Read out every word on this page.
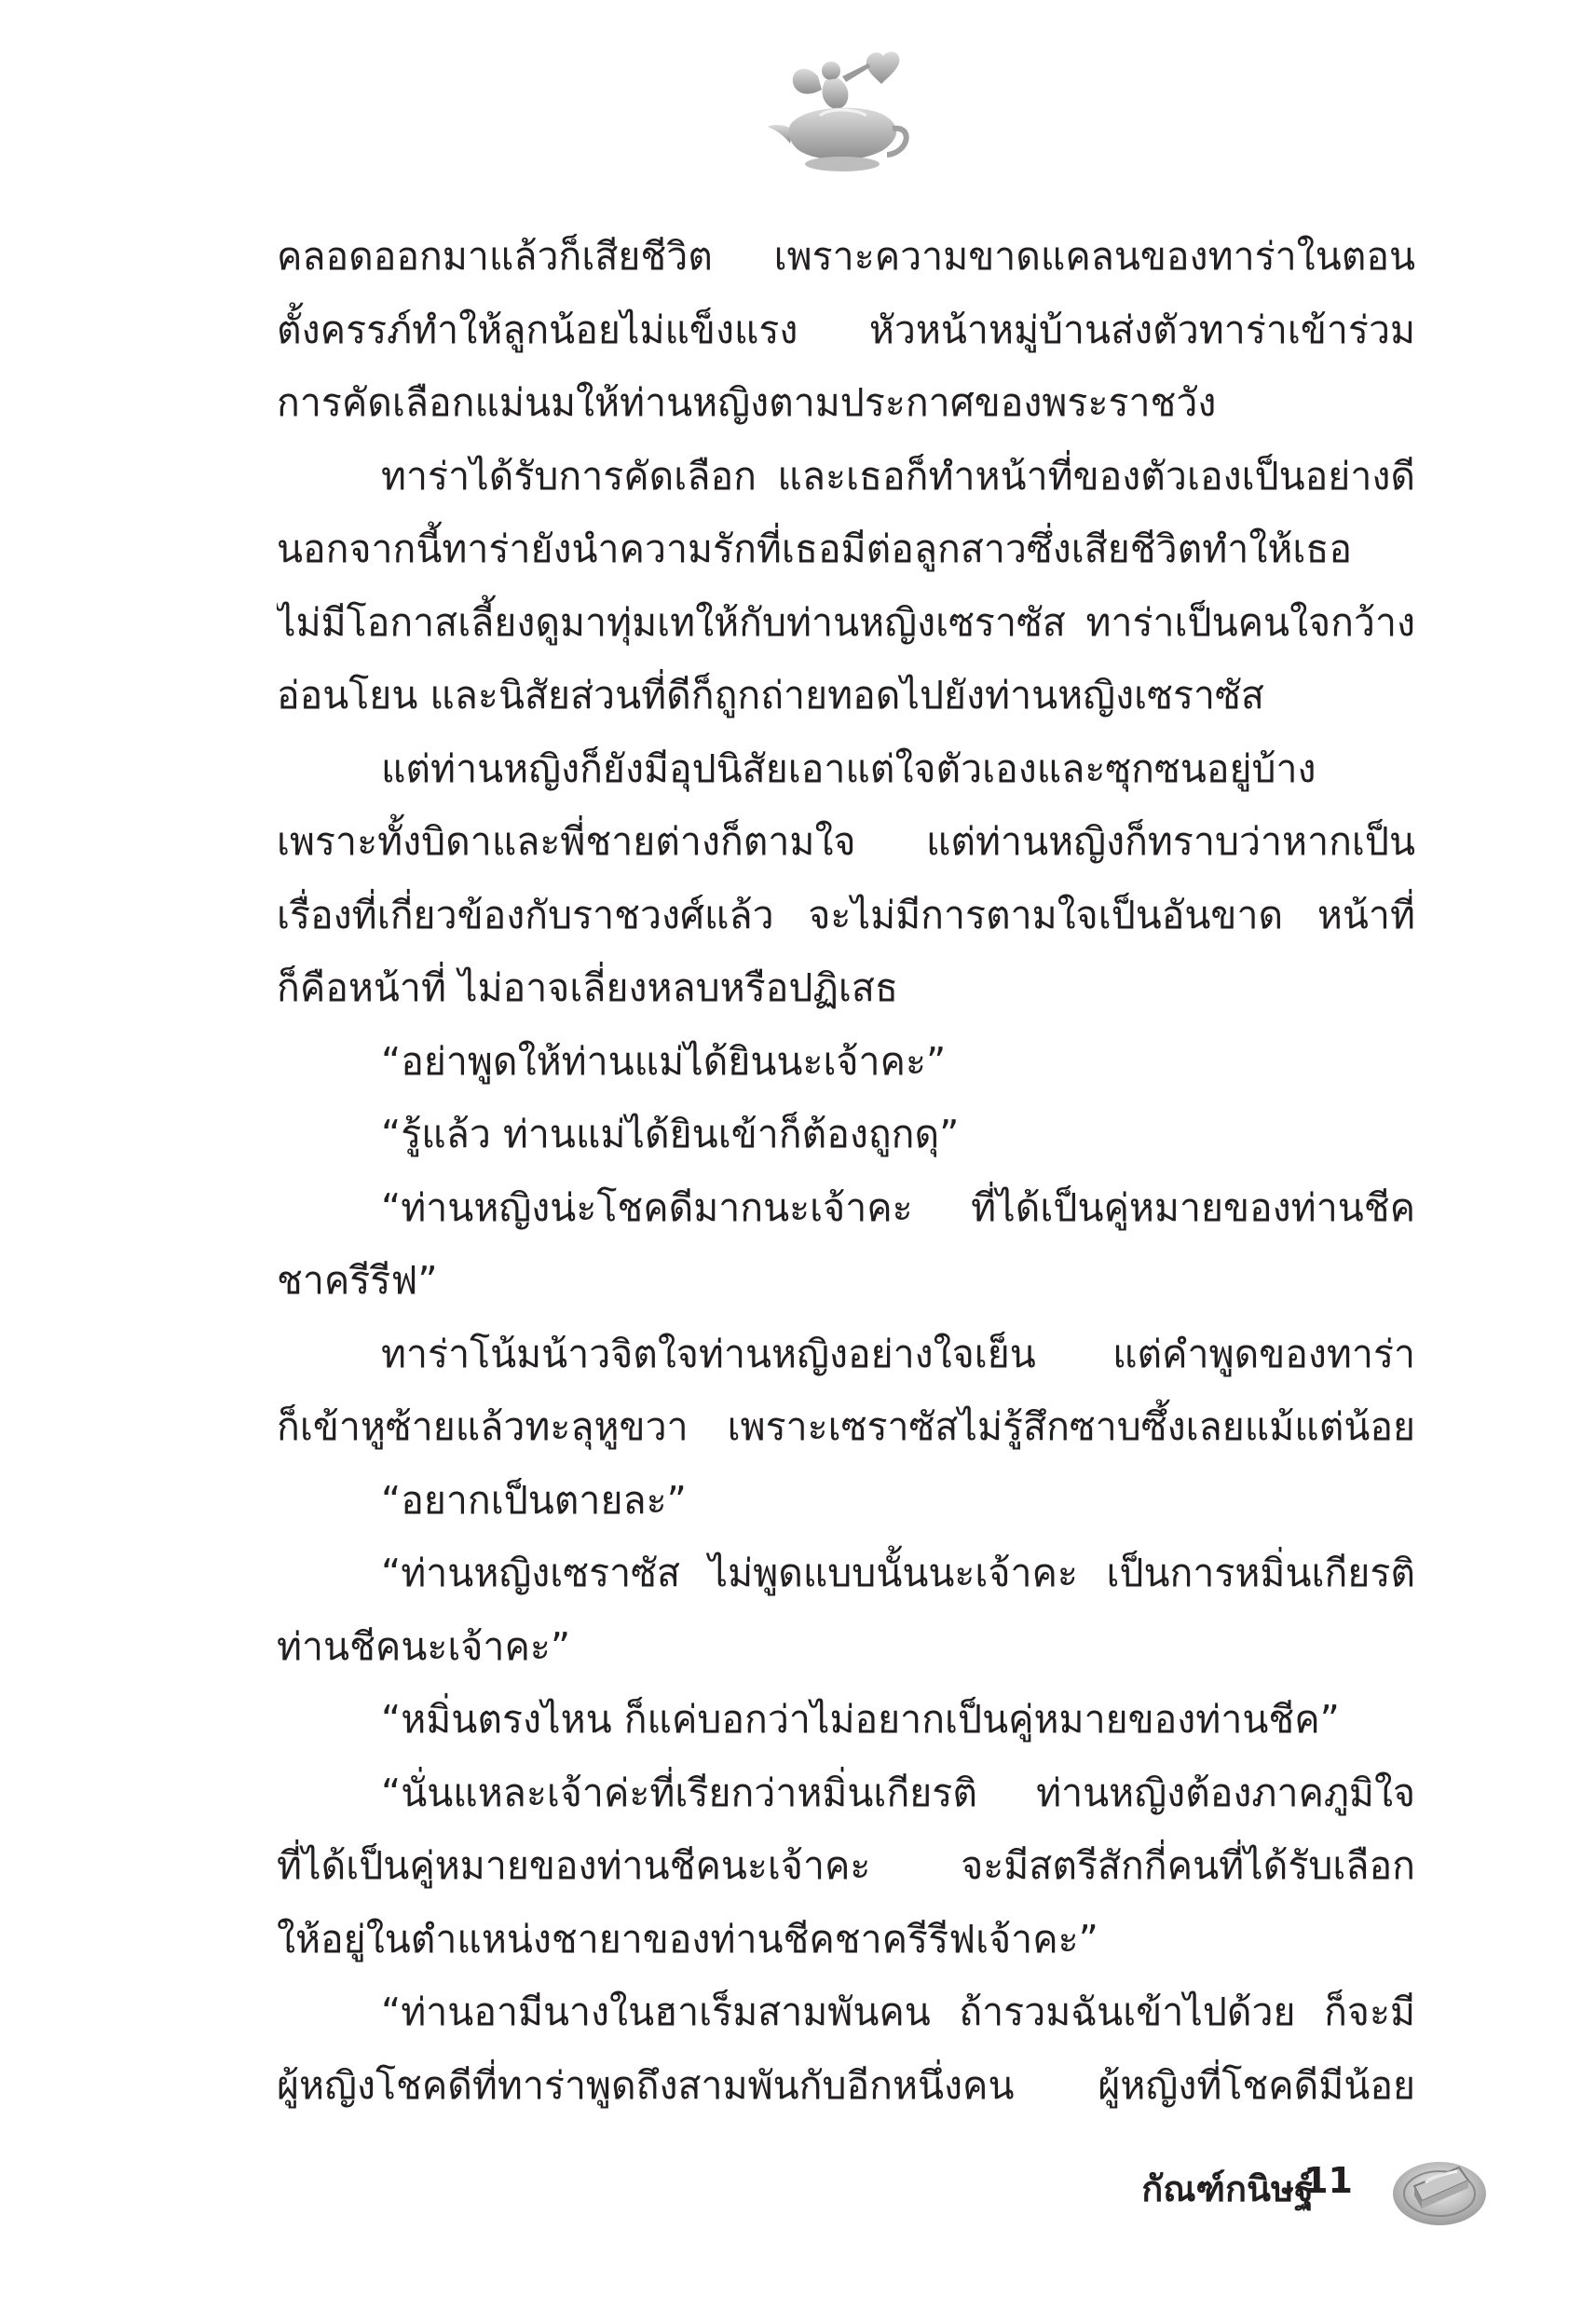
คลอดออกมาแล้วก็เสียชีวิต เพราะความขาดแคลนของทาร่าในตอน
ตั้งครรภ์ทำให้ลูกน้อยไม่แข็งแรง หัวหน้าหมู่บ้านส่งตัวทาร่าเข้าร่วม
การคัดเลือกแม่นมให้ท่านหญิงตามประกาศของพระราชวัง
ทาร่าได้รับการคัดเลือก และเธอก็ทำหน้าที่ของตัวเองเป็นอย่างดี
นอกจากนี้ทาร่ายังนำความรักที่เธอมีต่อลูกสาวซึ่งเสียชีวิตทำให้เธอ
ไม่มีโอกาสเลี้ยงดูมาทุ่มเทให้กับท่านหญิงเซราซัส ทาร่าเป็นคนใจกว้าง
อ่อนโยน และนิสัยส่วนที่ดีก็ถูกถ่ายทอดไปยังท่านหญิงเซราซัส
แต่ท่านหญิงก็ยังมีอุปนิสัยเอาแต่ใจตัวเองและซุกซนอยู่บ้าง
เพราะทั้งบิดาและพี่ชายต่างก็ตามใจ แต่ท่านหญิงก็ทราบว่าหากเป็น
เรื่องที่เกี่ยวข้องกับราชวงศ์แล้ว จะไม่มีการตามใจเป็นอันขาด หน้าที่
ก็คือหน้าที่ ไม่อาจเลี่ยงหลบหรือปฏิเสธ
“อย่าพูดให้ท่านแม่ได้ยินนะเจ้าคะ”
“รู้แล้ว ท่านแม่ได้ยินเข้าก็ต้องถูกดุ”
“ท่านหญิงน่ะโชคดีมากนะเจ้าคะ ที่ได้เป็นคู่หมายของท่านชีค
ชาครีรีฟ”
ทาร่าโน้มน้าวจิตใจท่านหญิงอย่างใจเย็น แต่คำพูดของทาร่า
ก็เข้าหูซ้ายแล้วทะลุหูขวา เพราะเซราซัสไม่รู้สึกซาบซึ้งเลยแม้แต่น้อย
“อยากเป็นตายละ”
“ท่านหญิงเซราซัส ไม่พูดแบบนั้นนะเจ้าคะ เป็นการหมิ่นเกียรติ
ท่านชีคนะเจ้าคะ”
“หมิ่นตรงไหน ก็แค่บอกว่าไม่อยากเป็นคู่หมายของท่านชีค”
“นั่นแหละเจ้าค่ะที่เรียกว่าหมิ่นเกียรติ ท่านหญิงต้องภาคภูมิใจ
ที่ได้เป็นคู่หมายของท่านชีคนะเจ้าคะ จะมีสตรีสักกี่คนที่ได้รับเลือก
ให้อยู่ในตำแหน่งชายาของท่านชีคชาครีรีฟเจ้าคะ”
“ท่านอามีนางในฮาเร็มสามพันคน ถ้ารวมฉันเข้าไปด้วย ก็จะมี
ผู้หญิงโชคดีที่ทาร่าพูดถึงสามพันกับอีกหนึ่งคน ผู้หญิงที่โชคดีมีน้อย
กัณฑ์กนิษฐ์
11
